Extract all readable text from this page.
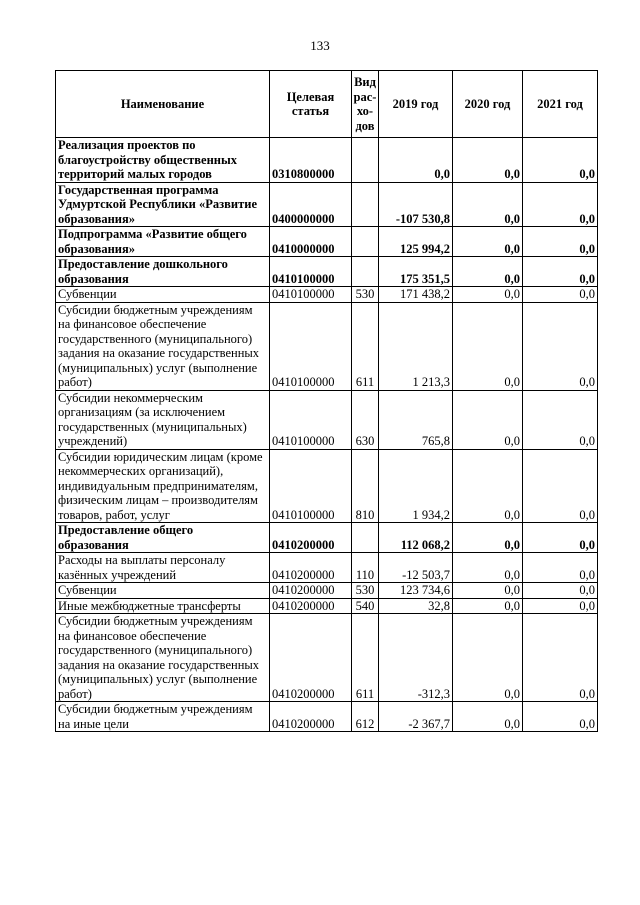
133
Наименование	Целевая статья	Вид рас-хо-дов	2019 год	2020 год	2021 год
Реализация проектов по благоустройству общественных территорий малых городов	0310800000		0,0	0,0	0,0
Государственная программа Удмуртской Республики «Развитие образования»	0400000000		-107 530,8	0,0	0,0
Подпрограмма «Развитие общего образования»	0410000000		125 994,2	0,0	0,0
Предоставление дошкольного образования	0410100000		175 351,5	0,0	0,0
Субвенции	0410100000	530	171 438,2	0,0	0,0
Субсидии бюджетным учреждениям на финансовое обеспечение государственного (муниципального) задания на оказание государственных (муниципальных) услуг (выполнение работ)	0410100000	611	1 213,3	0,0	0,0
Субсидии некоммерческим организациям (за исключением государственных (муниципальных) учреждений)	0410100000	630	765,8	0,0	0,0
Субсидии юридическим лицам (кроме некоммерческих организаций), индивидуальным предпринимателям, физическим лицам – производителям товаров, работ, услуг	0410100000	810	1 934,2	0,0	0,0
Предоставление общего образования	0410200000		112 068,2	0,0	0,0
Расходы на выплаты персоналу казённых учреждений	0410200000	110	-12 503,7	0,0	0,0
Субвенции	0410200000	530	123 734,6	0,0	0,0
Иные межбюджетные трансферты	0410200000	540	32,8	0,0	0,0
Субсидии бюджетным учреждениям на финансовое обеспечение государственного (муниципального) задания на оказание государственных (муниципальных) услуг (выполнение работ)	0410200000	611	-312,3	0,0	0,0
Субсидии бюджетным учреждениям на иные цели	0410200000	612	-2 367,7	0,0	0,0
